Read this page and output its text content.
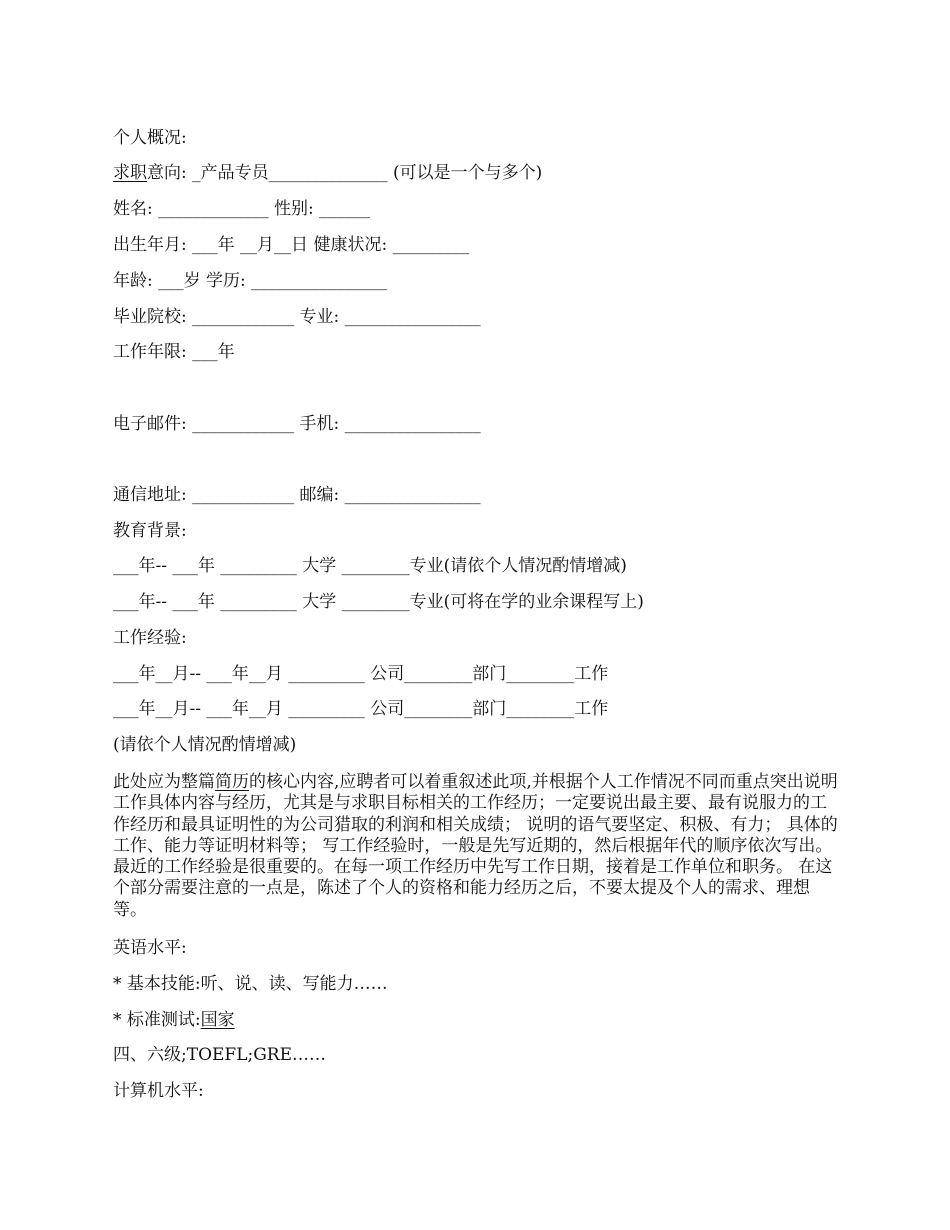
个人概况:
求职意向: _产品专员______________ (可以是一个与多个)
姓名: _____________ 性别: ______
出生年月: ___年 __月__日 健康状况: _________
年龄: ___岁 学历: ________________
毕业院校: ____________ 专业: ________________
工作年限: ___年
电子邮件: ____________ 手机: ________________
通信地址: ____________ 邮编: ________________
教育背景:
___年-- ___年 _________ 大学 ________专业(请依个人情况酌情增减)
___年-- ___年 _________ 大学 ________专业(可将在学的业余课程写上)
工作经验:
___年__月-- ___年__月 _________ 公司________部门________工作
___年__月-- ___年__月 _________ 公司________部门________工作
(请依个人情况酌情增减)

此处应为整篇简历的核心内容,应聘者可以着重叙述此项,并根据个人工作情况不同而重点突出说明工作具体内容与经历，尤其是与求职目标相关的工作经历；一定要说出最主要、最有说服力的工作经历和最具证明性的为公司猎取的利润和相关成绩； 说明的语气要坚定、积极、有力； 具体的工作、能力等证明材料等； 写工作经验时，一般是先写近期的，然后根据年代的顺序依次写出。最近的工作经验是很重要的。在每一项工作经历中先写工作日期，接着是工作单位和职务。 在这个部分需要注意的一点是，陈述了个人的资格和能力经历之后，不要太提及个人的需求、理想等。

英语水平:
* 基本技能:听、说、读、写能力……
* 标准测试:国家
四、六级;TOEFL;GRE……
计算机水平:
